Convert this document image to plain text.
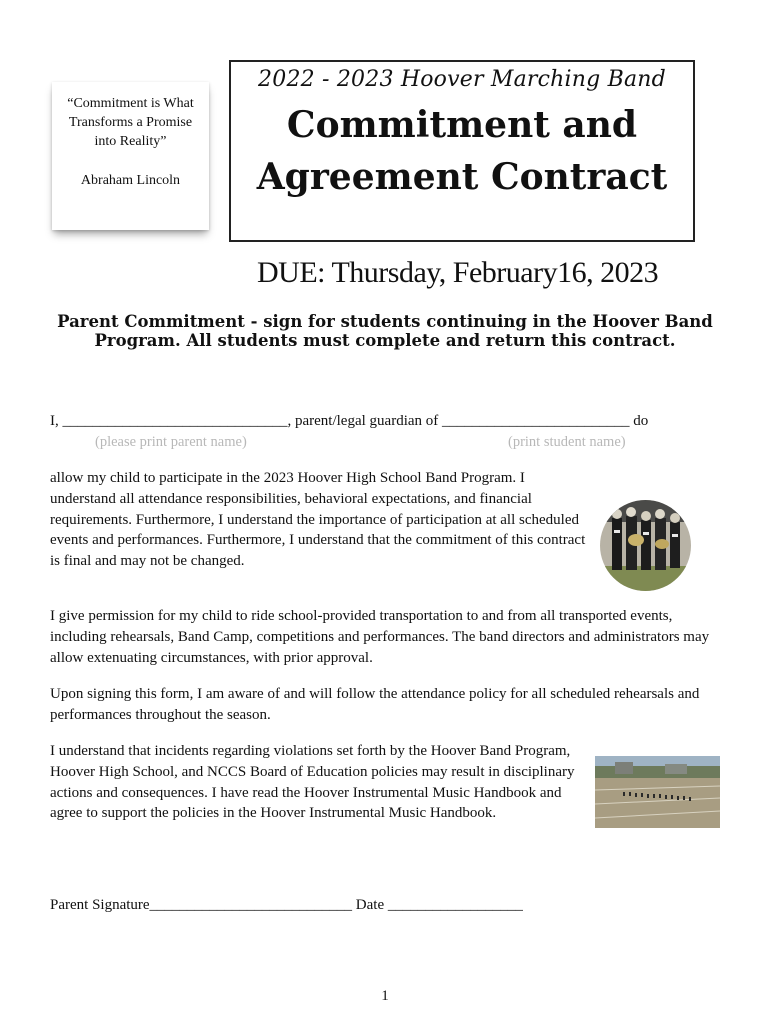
“Commitment is What Transforms a Promise into Reality”

Abraham Lincoln

2022 - 2023 Hoover Marching Band
Commitment and
Agreement Contract
DUE: Thursday, February16, 2023
Parent Commitment - sign for students continuing in the Hoover Band Program. All students must complete and return this contract.
I, ______________________________, parent/legal guardian of _________________________ do
(please print parent name)	(print student name)

allow my child to participate in the 2023 Hoover High School Band Program. I understand all attendance responsibilities, behavioral expectations, and financial requirements. Furthermore, I understand the importance of participation at all scheduled events and performances. Furthermore, I understand that the commitment of this contract is final and may not be changed.

I give permission for my child to ride school-provided transportation to and from all transported events, including rehearsals, Band Camp, competitions and performances. The band directors and administrators may allow extenuating circumstances, with prior approval.

Upon signing this form, I am aware of and will follow the attendance policy for all scheduled rehearsals and performances throughout the season.

I understand that incidents regarding violations set forth by the Hoover Band Program, Hoover High School, and NCCS Board of Education policies may result in disciplinary actions and consequences. I have read the Hoover Instrumental Music Handbook and agree to support the policies in the Hoover Instrumental Music Handbook.

Parent Signature___________________________ Date __________________
1
